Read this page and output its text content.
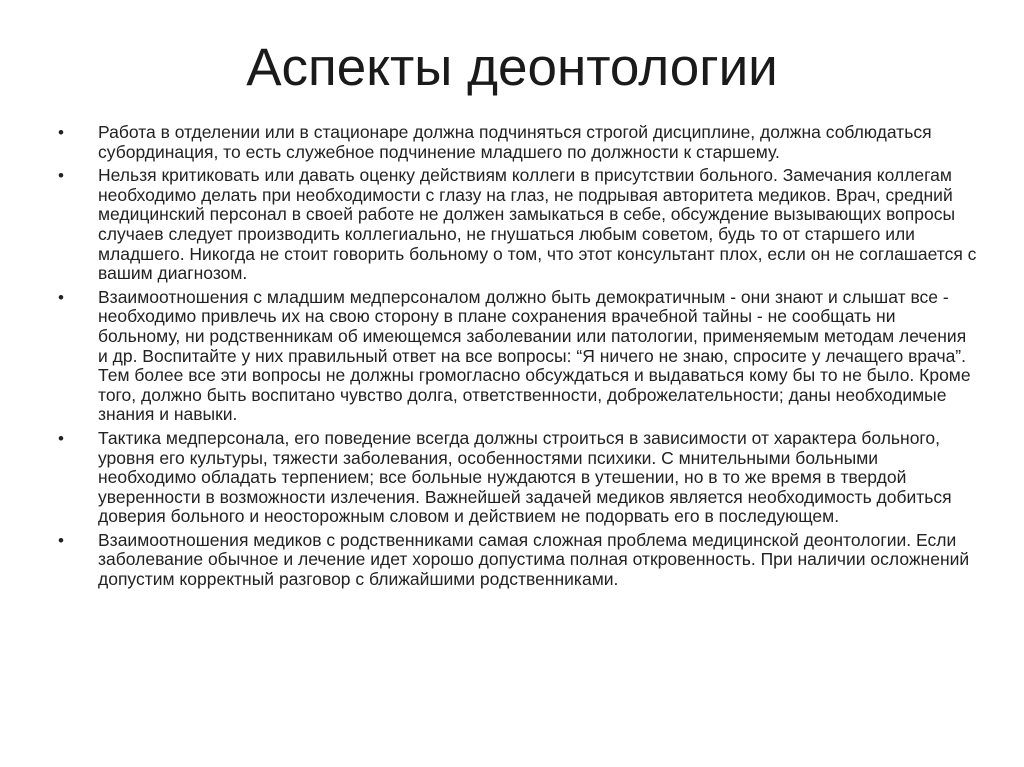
Аспекты деонтологии
• Работа в отделении или в стационаре должна подчиняться строгой дисциплине, должна соблюдаться субординация, то есть служебное подчинение младшего по должности к старшему.
• Нельзя критиковать или давать оценку действиям коллеги в присутствии больного. Замечания коллегам необходимо делать при необходимости с глазу на глаз, не подрывая авторитета медиков. Врач, средний медицинский персонал в своей работе не должен замыкаться в себе, обсуждение вызывающих вопросы случаев следует производить коллегиально, не гнушаться любым советом, будь то от старшего или младшего. Никогда не стоит говорить больному о том, что этот консультант плох, если он не соглашается с вашим диагнозом.
• Взаимоотношения с младшим медперсоналом должно быть демократичным - они знают и слышат все - необходимо привлечь их на свою сторону в плане сохранения врачебной тайны - не сообщать ни больному, ни родственникам об имеющемся заболевании или патологии, применяемым методам лечения и др. Воспитайте у них правильный ответ на все вопросы: “Я ничего не знаю, спросите у лечащего врача”. Тем более все эти вопросы не должны громогласно обсуждаться и выдаваться кому бы то не было. Кроме того, должно быть воспитано чувство долга, ответственности, доброжелательности; даны необходимые знания и навыки.
• Тактика медперсонала, его поведение всегда должны строиться в зависимости от характера больного, уровня его культуры, тяжести заболевания, особенностями психики. С мнительными больными необходимо обладать терпением; все больные нуждаются в утешении, но в то же время в твердой уверенности в возможности излечения. Важнейшей задачей медиков является необходимость добиться доверия больного и неосторожным словом и действием не подорвать его в последующем.
• Взаимоотношения медиков с родственниками самая сложная проблема медицинской деонтологии. Если заболевание обычное и лечение идет хорошо допустима полная откровенность. При наличии осложнений допустим корректный разговор с ближайшими родственниками.
